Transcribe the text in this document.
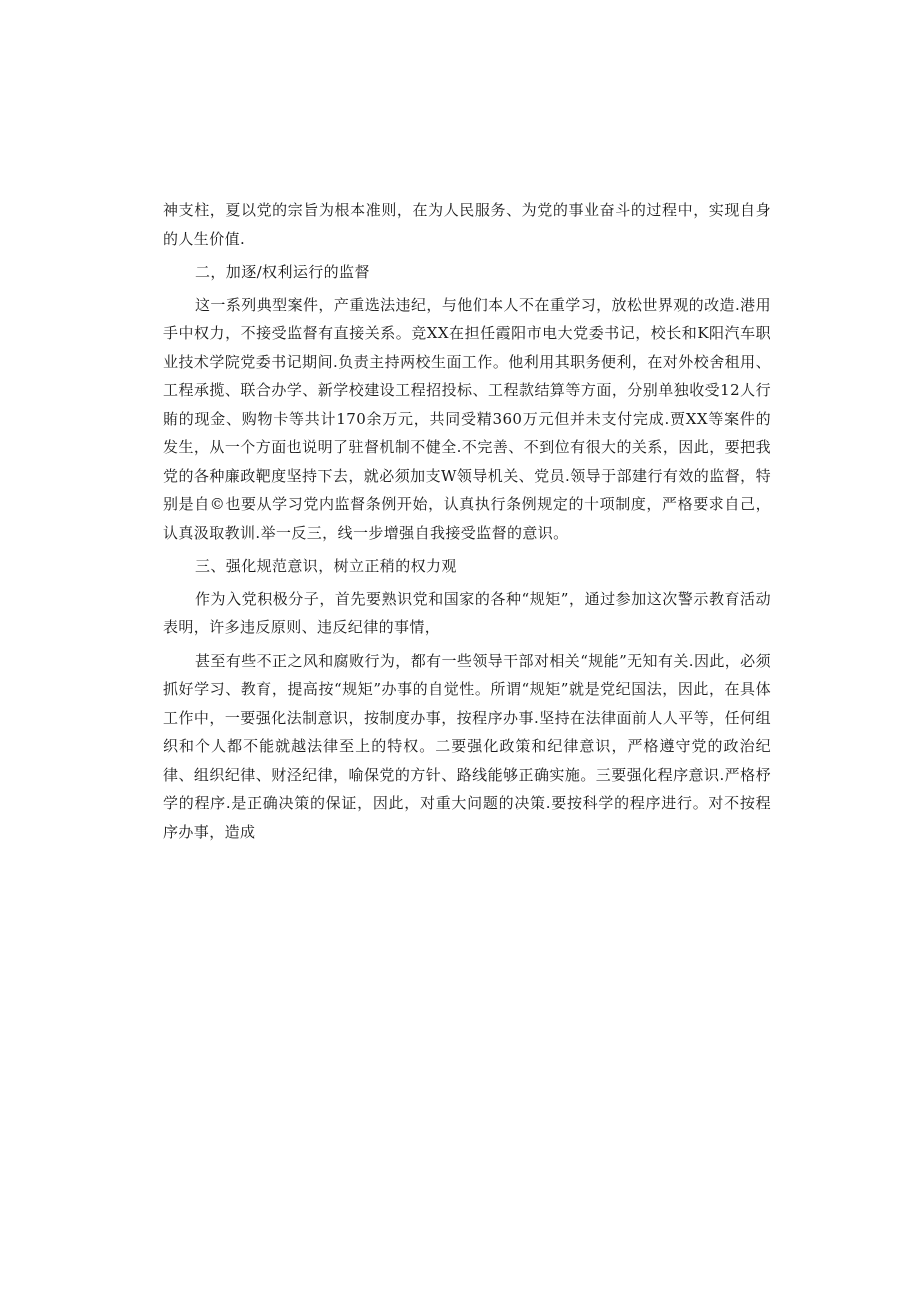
神支柱，夏以党的宗旨为根本准则，在为人民服务、为党的事业奋斗的过程中，实现自身的人生价值.

二，加逐/权利运行的监督

这一系列典型案件，产重选法违纪，与他们本人不在重学习，放松世界观的改造.港用手中权力，不接受监督有直接关系。竞XX在担任霞阳市电大党委书记，校长和K阳汽车职业技术学院党委书记期间.负责主持两校生面工作。他利用其职务便利，在对外校舍租用、工程承揽、联合办学、新学校建设工程招投标、工程款结算等方面，分别单独收受12人行賄的现金、购物卡等共计170余万元，共同受精360万元但并未支付完成.贾XX等案件的发生，从一个方面也说明了驻督机制不健全.不完善、不到位有很大的关系，因此，要把我党的各种廉政靶度坚持下去，就必须加支W领导机关、党员.领导于部建行有效的监督，特别是自©也要从学习党内监督条例开始，认真执行条例规定的十项制度，严格要求自己，认真汲取教训.举一反三，线一步增强自我接受监督的意识。

三、强化规范意识，树立正稍的权力观

作为入党积极分子，首先要熟识党和国家的各种“规矩”，通过参加这次警示教育活动表明，许多违反原则、违反纪律的事情，

甚至有些不正之风和腐败行为，都有一些领导干部对相关“规能”无知有关.因此，必须抓好学习、教育，提高按“规矩”办事的自觉性。所谓“规矩”就是党纪国法，因此，在具体工作中，一要强化法制意识，按制度办事，按程序办事.坚持在法律面前人人平等，任何组织和个人都不能就越法律至上的特权。二要强化政策和纪律意识，严格遵守党的政治纪律、组织纪律、财泾纪律，喻保党的方针、路线能够正确实施。三要强化程序意识.严格杼学的程序.是正确决策的保证，因此，对重大问题的决策.要按科学的程序进行。对不按程序办事，造成
